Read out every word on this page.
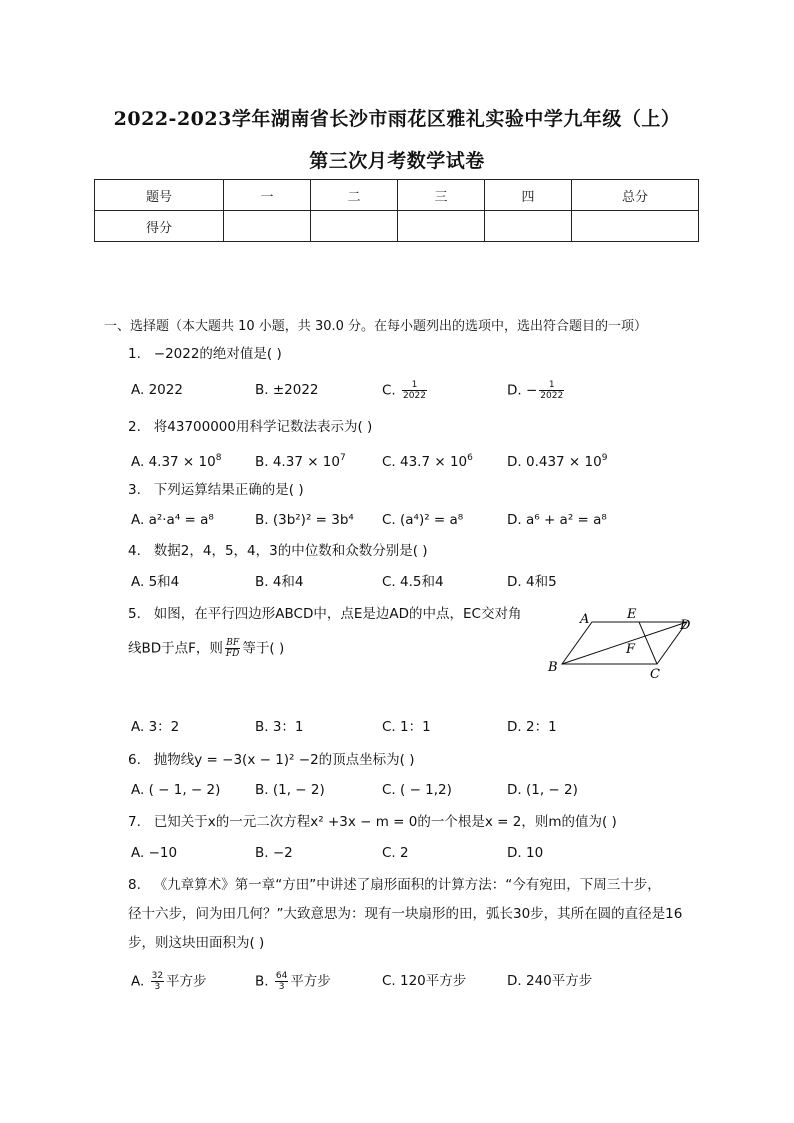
2022-2023学年湖南省长沙市雨花区雅礼实验中学九年级（上）
第三次月考数学试卷
题号	一	二	三	四	总分
得分					
一、选择题（本大题共 10 小题，共 30.0 分。在每小题列出的选项中，选出符合题目的一项）
1. −2022的绝对值是( )
A. 2022	B. ±2022	C. $\frac{1}{2022}$	D. − $\frac{1}{2022}$
2. 将43700000用科学记数法表示为( )
A. $4.37 \times 10^8$ B. $4.37 \times 10^7$	C. $43.7 \times 10^6$	D. $0.437 \times 10^9$
3. 下列运算结果正确的是( )
A. a²·a⁴ = a⁸	B. (3b²)² = 3b⁴ C. (a⁴)² = a⁸	D. a⁶ + a² = a⁸
4. 数据2，4，5，4，3的中位数和众数分别是( )
A. 5和4	B. 4和4	C. 4.5和4	D. 4和5
5. 如图，在平行四边形ABCD中，点E是边AD的中点，EC交对角
线BD于点F，则 $\frac{BF}{FD}$ 等于( )
A	E
D
F
B	C
A. 3：2	B. 3：1	C. 1：1	D. 2：1
6. 抛物线y = −3(x − 1)² −2的顶点坐标为( )
A. ( − 1, − 2)	B. (1, − 2)	C. ( − 1,2)	D. (1, − 2)
7. 已知关于x的一元二次方程x² +3x − m = 0的一个根是x = 2，则m的值为( )
A. −10	B. −2	C. 2	D. 10
8. 《九章算术》第一章“方田”中讲述了扇形面积的计算方法：“今有宛田，下周三十步，
径十六步，问为田几何？”大致意思为：现有一块扇形的田，弧长30步，其所在圆的直径是16
步，则这块田面积为( )
A. $\frac{32}{3}$ 平方步	B. $\frac{64}{3}$ 平方步	C. 120平方步	D. 240平方步
